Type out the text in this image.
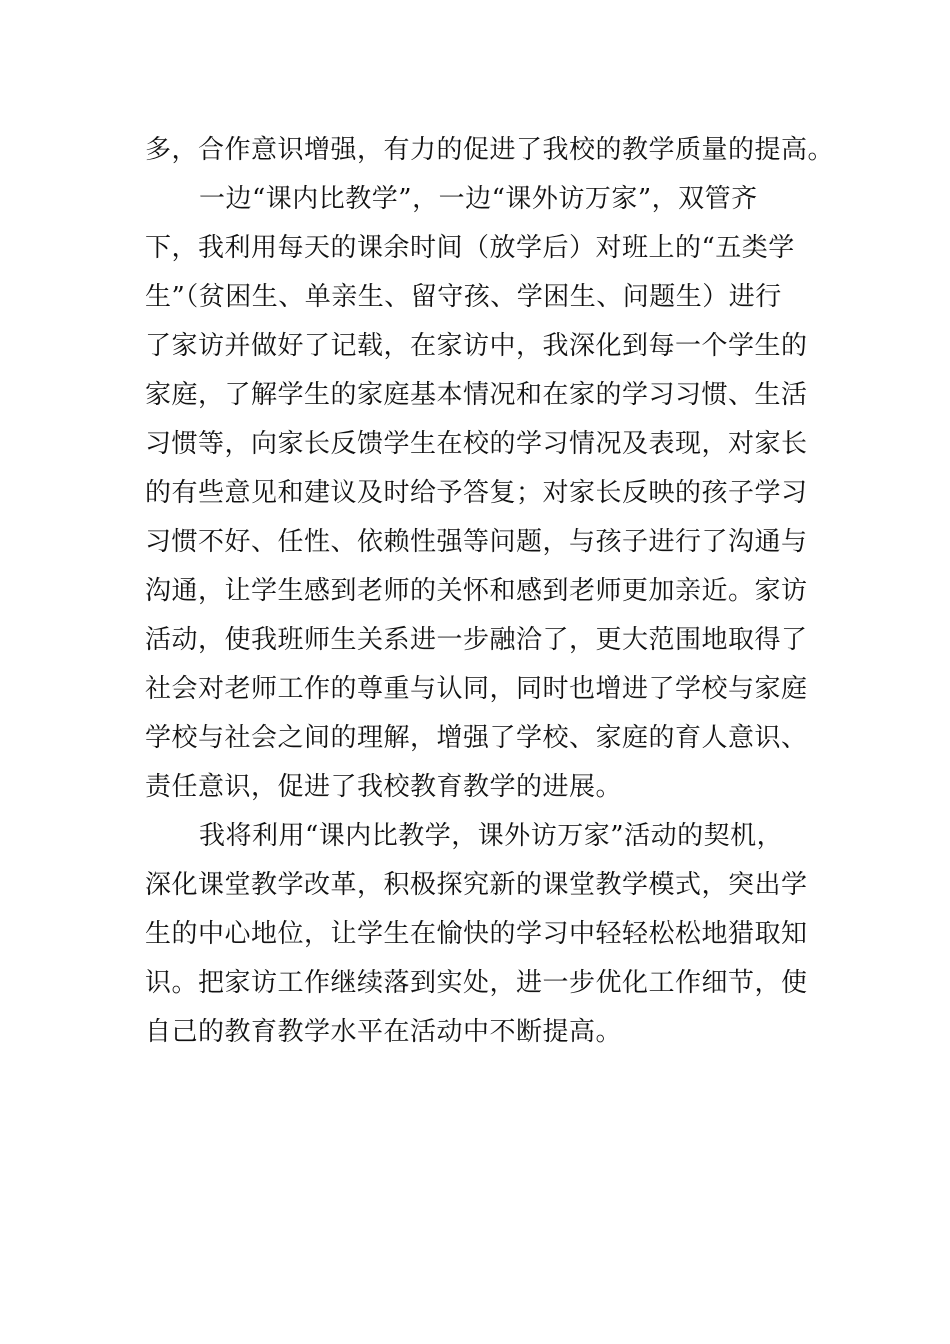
多，合作意识增强，有力的促进了我校的教学质量的提高。
一边“课内比教学”，一边“课外访万家”，双管齐
下，我利用每天的课余时间（放学后）对班上的“五类学
生”（贫困生、单亲生、留守孩、学困生、问题生）进行
了家访并做好了记载，在家访中，我深化到每一个学生的
家庭，了解学生的家庭基本情况和在家的学习习惯、生活
习惯等，向家长反馈学生在校的学习情况及表现，对家长
的有些意见和建议及时给予答复；对家长反映的孩子学习
习惯不好、任性、依赖性强等问题，与孩子进行了沟通与
沟通，让学生感到老师的关怀和感到老师更加亲近。家访
活动，使我班师生关系进一步融洽了，更大范围地取得了
社会对老师工作的尊重与认同，同时也增进了学校与家庭
学校与社会之间的理解，增强了学校、家庭的育人意识、
责任意识，促进了我校教育教学的进展。
我将利用“课内比教学，课外访万家”活动的契机，
深化课堂教学改革，积极探究新的课堂教学模式，突出学
生的中心地位，让学生在愉快的学习中轻轻松松地猎取知
识。把家访工作继续落到实处，进一步优化工作细节，使
自己的教育教学水平在活动中不断提高。
